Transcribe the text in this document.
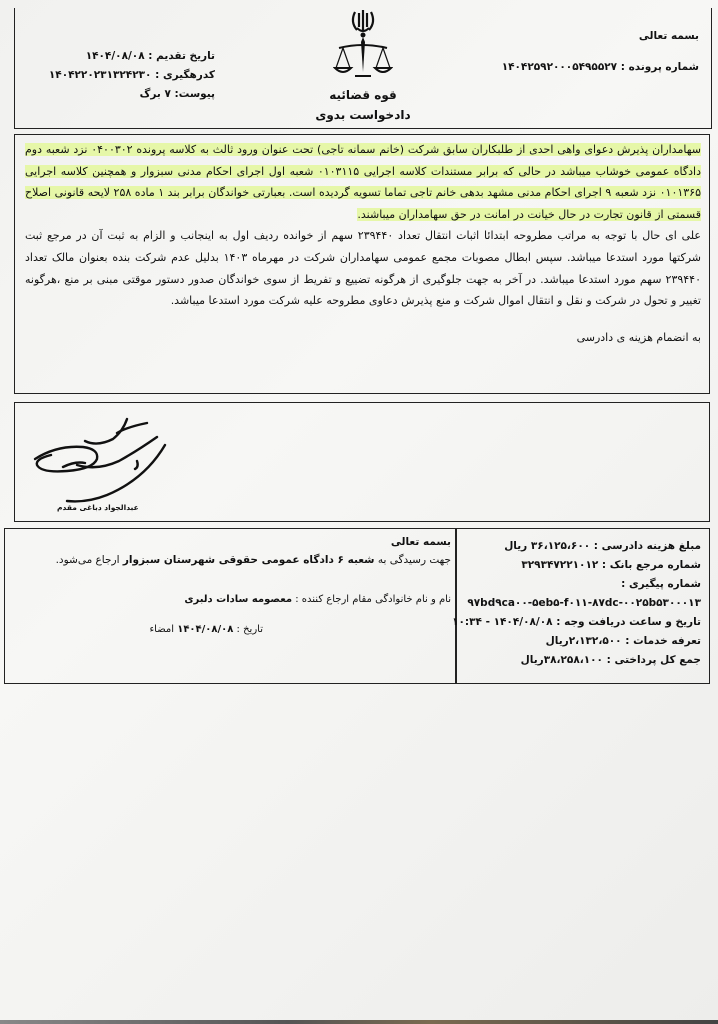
بسمه تعالی
شماره پرونده : ۱۴۰۴۲۵۹۲۰۰۰۵۴۹۵۵۲۷
قوه قضائیه
دادخواست بدوی
تاریخ تقدیم : ۱۴۰۴/۰۸/۰۸
کدرهگیری : ۱۴۰۴۲۲۰۲۳۱۳۲۴۲۳۰
پیوست: ۷ برگ

سهامداران پذیرش دعوای واهی احدی از طلبکاران سابق شرکت (خانم سمانه تاجی) تحت عنوان ورود ثالث به کلاسه پرونده ۰۴۰۰۳۰۲ نزد شعبه دوم دادگاه عمومی خوشاب میباشد در حالی که برابر مستندات کلاسه اجرایی ۰۱۰۳۱۱۵ شعبه اول اجرای احکام مدنی سبزوار و همچنین کلاسه اجرایی ۰۱۰۱۳۶۵ نزد شعبه ۹ اجرای احکام مدنی مشهد بدهی خانم تاجی تماما تسویه گردیده است. بعبارتی خواندگان برابر بند ۱ ماده ۲۵۸ لایحه قانونی اصلاح قسمتی از قانون تجارت در حال خیانت در امانت در حق سهامداران میباشند.

علی ای حال با توجه به مراتب مطروحه ابتدائا اثبات انتقال تعداد ۲۳۹۴۴۰ سهم از خوانده ردیف اول به اینجانب و الزام به ثبت آن در مرجع ثبت شرکتها مورد استدعا میباشد. سپس ابطال مصوبات مجمع عمومی سهامداران شرکت در مهرماه ۱۴۰۳ بدلیل عدم شرکت بنده بعنوان مالک تعداد ۲۳۹۴۴۰ سهم مورد استدعا میباشد. در آخر به جهت جلوگیری از هرگونه تضییع و تفریط از سوی خواندگان صدور دستور موقتی مبنی بر منع ،هرگونه تغییر و تحول در شرکت و نقل و انتقال اموال شرکت و منع پذیرش دعاوی مطروحه علیه شرکت مورد استدعا میباشد.

به انضمام هزینه ی دادرسی
عبدالجواد دباغی مقدم
مبلغ هزینه دادرسی : ۳۶،۱۲۵،۶۰۰ ریال
شماره مرجع بانک : ۳۲۹۳۴۷۲۲۱۰۱۲
شماره پیگیری :
۹۷bd۹ca۰۰-۵eb۵-f۰۱۱-۸۷dc-۰۰۲۵b۵۳۰۰۰۱۳
تاریخ و ساعت دریافت وجه : ۱۴۰۴/۰۸/۰۸ - ۱۰:۳۴
تعرفه خدمات : ۲،۱۳۲،۵۰۰ریال
جمع کل پرداختی : ۳۸،۲۵۸،۱۰۰ریال
بسمه تعالی
جهت رسیدگی به شعبه ۶ دادگاه عمومی حقوقی شهرستان سبزوار ارجاع می‌شود.
نام و نام خانوادگی مقام ارجاع کننده : معصومه سادات دلبری
تاریخ : ۱۴۰۴/۰۸/۰۸ امضاء
